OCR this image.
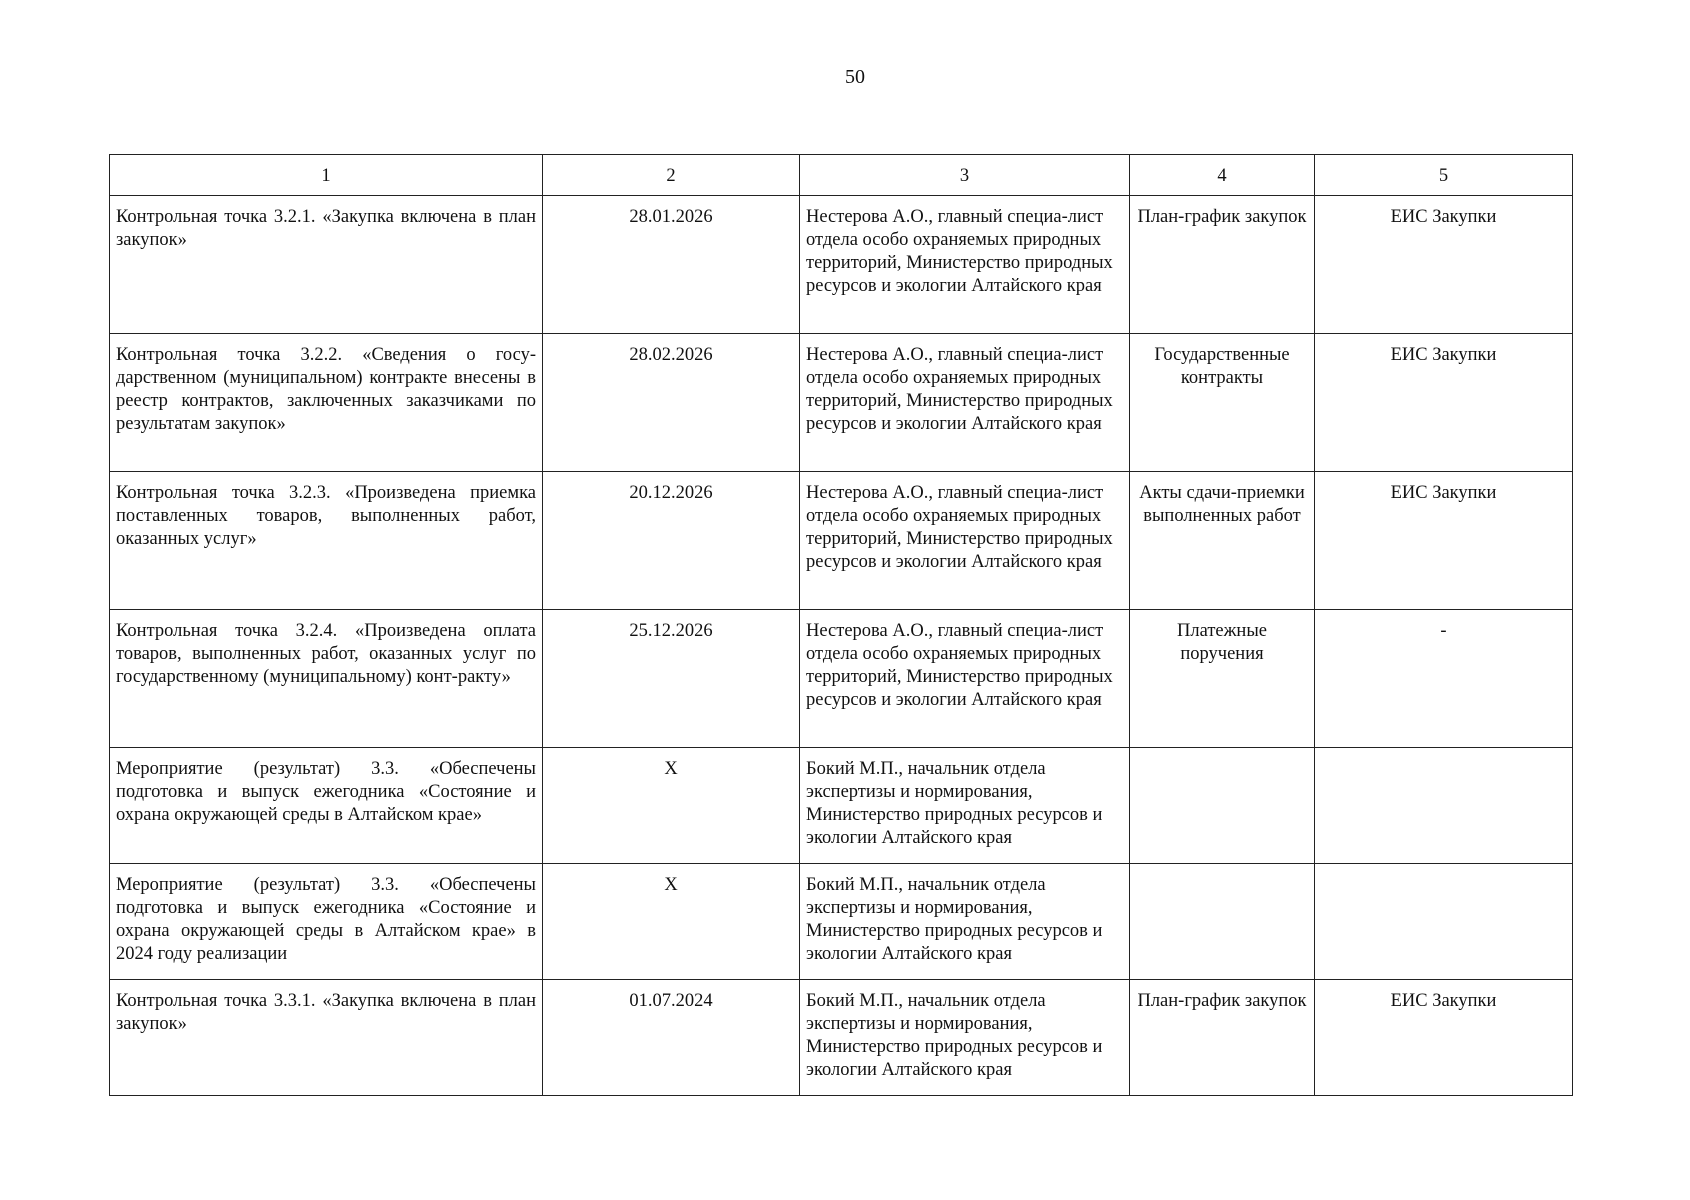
50
1	2	3	4	5
Контрольная точка 3.2.1. «Закупка включена в план закупок»	28.01.2026	Нестерова А.О., главный специа-лист отдела особо охраняемых природных территорий, Министерство природных ресурсов и экологии Алтайского края	План-график закупок	ЕИС Закупки
Контрольная точка 3.2.2. «Сведения о госу-дарственном (муниципальном) контракте внесены в реестр контрактов, заключенных заказчиками по результатам закупок»	28.02.2026	Нестерова А.О., главный специа-лист отдела особо охраняемых природных территорий, Министерство природных ресурсов и экологии Алтайского края	Государственные контракты	ЕИС Закупки
Контрольная точка 3.2.3. «Произведена приемка поставленных товаров, выполненных работ, оказанных услуг»	20.12.2026	Нестерова А.О., главный специа-лист отдела особо охраняемых природных территорий, Министерство природных ресурсов и экологии Алтайского края	Акты сдачи-приемки выполненных работ	ЕИС Закупки
Контрольная точка 3.2.4. «Произведена оплата товаров, выполненных работ, оказанных услуг по государственному (муниципальному) конт-ракту»	25.12.2026	Нестерова А.О., главный специа-лист отдела особо охраняемых природных территорий, Министерство природных ресурсов и экологии Алтайского края	Платежные поручения	-
Мероприятие (результат) 3.3. «Обеспечены подготовка и выпуск ежегодника «Состояние и охрана окружающей среды в Алтайском крае»	X	Бокий М.П., начальник отдела экспертизы и нормирования, Министерство природных ресурсов и экологии Алтайского края		
Мероприятие (результат) 3.3. «Обеспечены подготовка и выпуск ежегодника «Состояние и охрана окружающей среды в Алтайском крае» в 2024 году реализации	X	Бокий М.П., начальник отдела экспертизы и нормирования, Министерство природных ресурсов и экологии Алтайского края		
Контрольная точка 3.3.1. «Закупка включена в план закупок»	01.07.2024	Бокий М.П., начальник отдела экспертизы и нормирования, Министерство природных ресурсов и экологии Алтайского края	План-график закупок	ЕИС Закупки
